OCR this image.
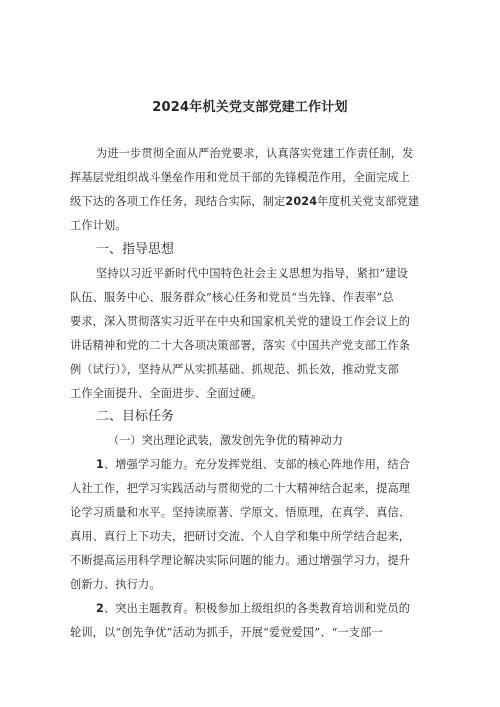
2024年机关党支部党建工作计划
为进一步贯彻全面从严治党要求，认真落实党建工作责任制，发
挥基层党组织战斗堡垒作用和党员干部的先锋模范作用，全面完成上
级下达的各项工作任务，现结合实际，制定2024年度机关党支部党建
工作计划。
一、指导思想
坚持以习近平新时代中国特色社会主义思想为指导，紧扣”建设
队伍、服务中心、服务群众”核心任务和党员“当先锋、作表率”总
要求，深入贯彻落实习近平在中央和国家机关党的建设工作会议上的
讲话精神和党的二十大各项决策部署，落实《中国共产党支部工作条
例（试行）》，坚持从严从实抓基础、抓规范、抓长效，推动党支部
工作全面提升、全面进步、全面过硬。
二、目标任务
（一）突出理论武装，激发创先争优的精神动力
1、增强学习能力。充分发挥党组、支部的核心阵地作用，结合
人社工作，把学习实践活动与贯彻党的二十大精神结合起来，提高理
论学习质量和水平。坚持读原著、学原文、悟原理，在真学、真信、
真用、真行上下功夫，把研讨交流、个人自学和集中所学结合起来，
不断提高运用科学理论解决实际问题的能力。通过增强学习力，提升
创新力、执行力。
2、突出主题教育。积极参加上级组织的各类教育培训和党员的
轮训，以“创先争优”活动为抓手，开展“爱党爱国”、“一支部一
